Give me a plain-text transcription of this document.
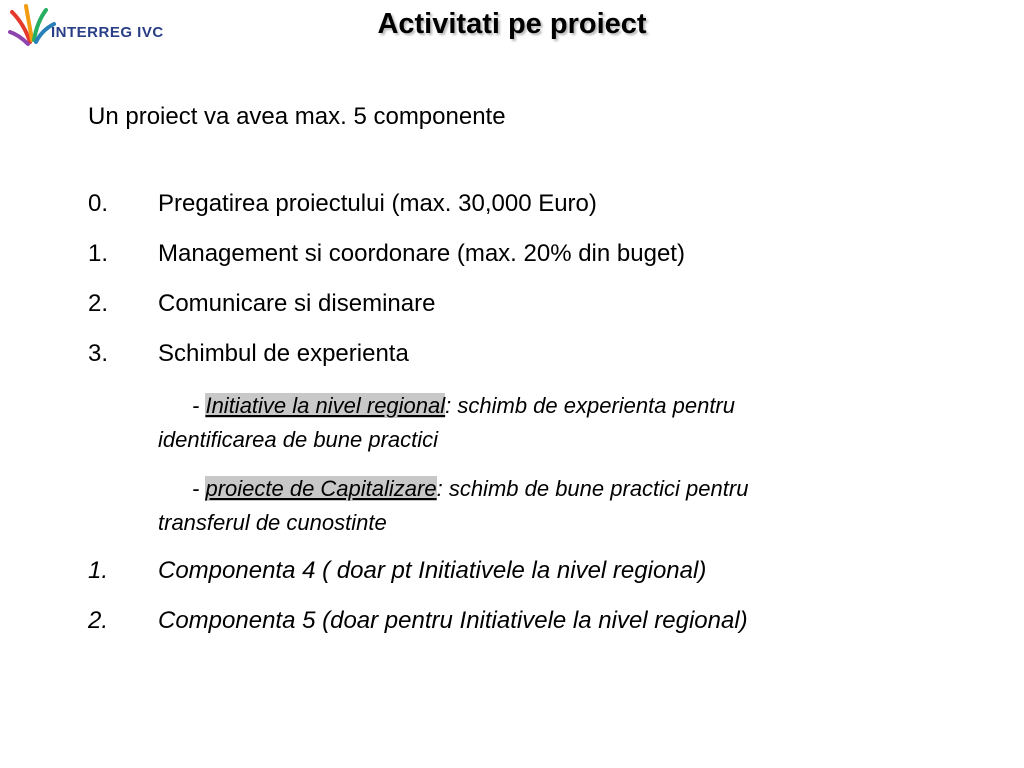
INTERREG IVC	Activitati pe proiect
Un proiect va avea max. 5 componente
0. Pregatirea proiectului (max. 30,000 Euro)
1. Management si coordonare (max. 20% din buget)
2. Comunicare si diseminare
3. Schimbul de experienta
- Initiative la nivel regional: schimb de experienta pentru
identificarea de bune practici
- proiecte de Capitalizare: schimb de bune practici pentru
transferul de cunostinte
1. Componenta 4 ( doar pt Initiativele la nivel regional)
2. Componenta 5 (doar pentru Initiativele la nivel regional)
